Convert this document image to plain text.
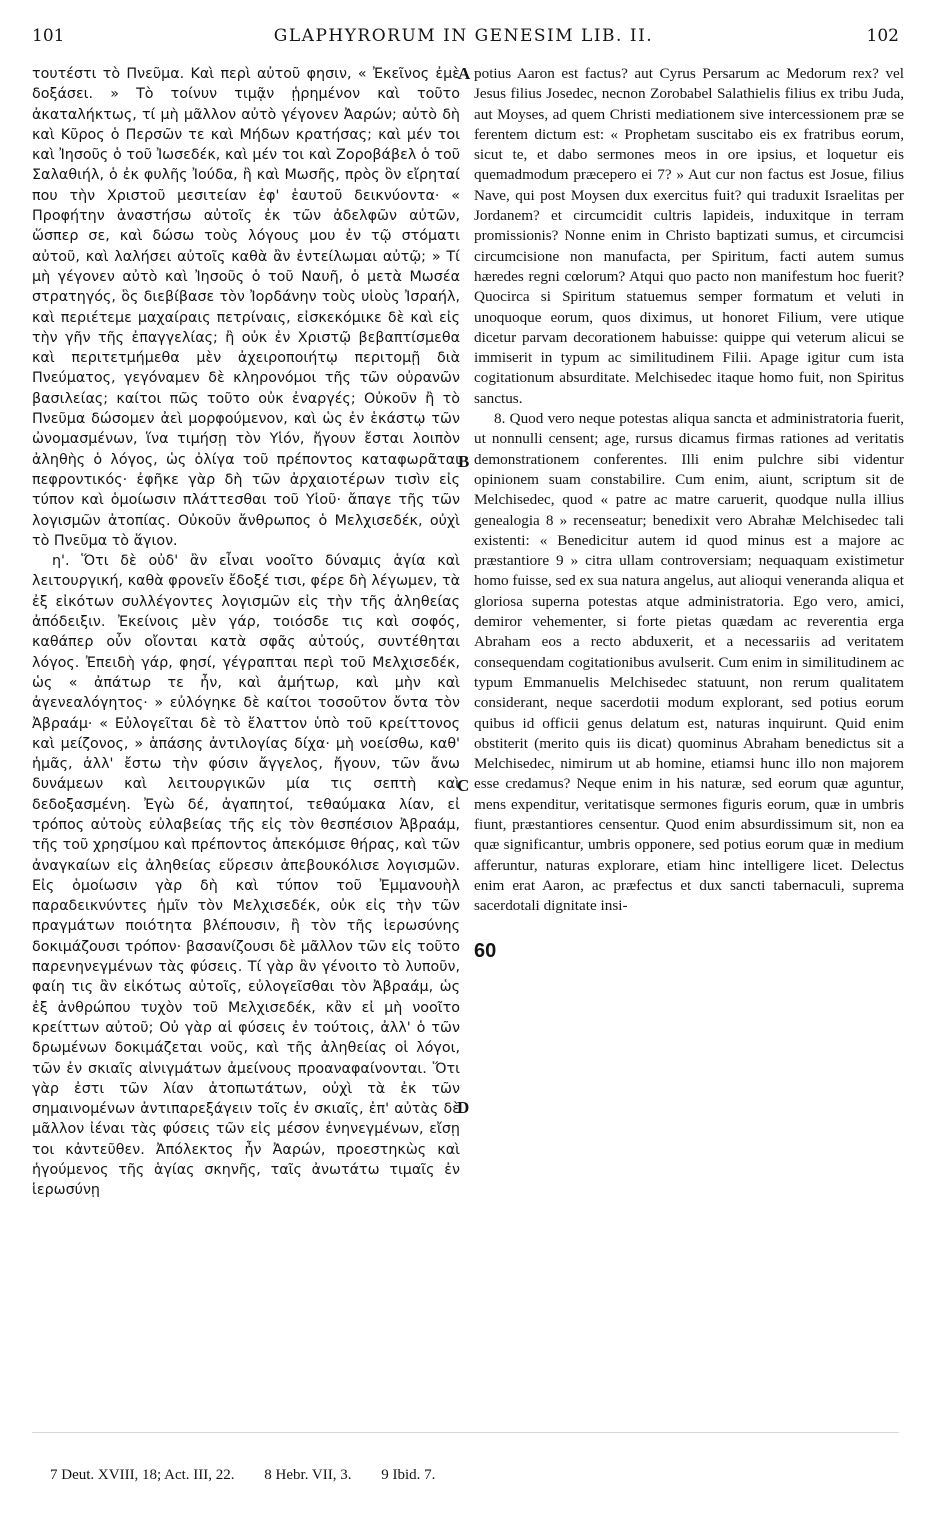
101	GLAPHYRORUM IN GENESIM LIB. II.	102

τουτέστι τὸ Πνεῦμα. Καὶ περὶ αὐτοῦ φησιν, « Ἐκεῖνος ἐμὲ δοξάσει. » Τὸ τοίνυν τιμᾷν ᾑρημένον καὶ τοῦτο ἀκαταλήκτως, τί μὴ μᾶλλον αὐτὸ γέγονεν Ἀαρών; αὐτὸ δὴ καὶ Κῦρος ὁ Περσῶν τε καὶ Μήδων κρατήσας; καὶ μέν τοι καὶ Ἰησοῦς ὁ τοῦ Ἰωσεδέκ, καὶ μέν τοι καὶ Ζοροβάβελ ὁ τοῦ Σαλαθιήλ, ὁ ἐκ φυλῆς Ἰούδα, ἢ καὶ Μωσῆς, πρὸς ὃν εἴρηταί που τὴν Χριστοῦ μεσιτείαν ἐφ' ἑαυτοῦ δεικνύοντα· « Προφήτην ἀναστήσω αὐτοῖς ἐκ τῶν ἀδελφῶν αὐτῶν, ὥσπερ σε, καὶ δώσω τοὺς λόγους μου ἐν τῷ στόματι αὐτοῦ, καὶ λαλήσει αὐτοῖς καθὰ ἂν ἐντείλωμαι αὐτῷ; » Τί μὴ γέγονεν αὐτὸ καὶ Ἰησοῦς ὁ τοῦ Ναυῆ, ὁ μετὰ Μωσέα στρατηγός, ὃς διεβίβασε τὸν Ἰορδάνην τοὺς υἱοὺς Ἰσραήλ, καὶ περιέτεμε μαχαίραις πετρίναις, εἰσκεκόμικε δὲ καὶ εἰς τὴν γῆν τῆς ἐπαγγελίας; ἢ οὐκ ἐν Χριστῷ βεβαπτίσμεθα καὶ περιτετμήμεθα μὲν ἀχειροποιήτῳ περιτομῇ διὰ Πνεύματος, γεγόναμεν δὲ κληρονόμοι τῆς τῶν οὐρανῶν βασιλείας; καίτοι πῶς τοῦτο οὐκ ἐναργές; Οὐκοῦν ἢ τὸ Πνεῦμα δώσομεν ἀεὶ μορφούμενον, καὶ ὡς ἐν ἑκάστῳ τῶν ὠνομασμένων, ἵνα τιμήσῃ τὸν Υἱόν, ἤγουν ἔσται λοιπὸν ἀληθὴς ὁ λόγος, ὡς ὀλίγα τοῦ πρέποντος καταφωρᾶται πεφροντικός· ἐφῆκε γὰρ δὴ τῶν ἀρχαιοτέρων τισὶν εἰς τύπον καὶ ὁμοίωσιν πλάττεσθαι τοῦ Υἱοῦ· ἄπαγε τῆς τῶν λογισμῶν ἀτοπίας. Οὐκοῦν ἄνθρωπος ὁ Μελχισεδέκ, οὐχὶ τὸ Πνεῦμα τὸ ἅγιον.

η'. Ὅτι δὲ οὐδ' ἂν εἶναι νοοῖτο δύναμις ἁγία καὶ λειτουργική, καθὰ φρονεῖν ἔδοξέ τισι, φέρε δὴ λέγωμεν, τὰ ἐξ εἰκότων συλλέγοντες λογισμῶν εἰς τὴν τῆς ἀληθείας ἀπόδειξιν. Ἐκείνοις μὲν γάρ, τοιόσδε τις καὶ σοφός, καθάπερ οὖν οἴονται κατὰ σφᾶς αὐτούς, συντέθηται λόγος. Ἐπειδὴ γάρ, φησί, γέγραπται περὶ τοῦ Μελχισεδέκ, ὡς « ἀπάτωρ τε ἦν, καὶ ἀμήτωρ, καὶ μὴν καὶ ἀγενεαλόγητος· » εὐλόγηκε δὲ καίτοι τοσοῦτον ὄντα τὸν Ἀβραάμ· « Εὐλογεῖται δὲ τὸ ἔλαττον ὑπὸ τοῦ κρείττονος καὶ μείζονος, » ἁπάσης ἀντιλογίας δίχα· μὴ νοείσθω, καθ' ἡμᾶς, ἀλλ' ἔστω τὴν φύσιν ἄγγελος, ἤγουν, τῶν ἄνω δυνάμεων καὶ λειτουργικῶν μία τις σεπτὴ καὶ δεδοξασμένη. Ἐγὼ δέ, ἀγαπητοί, τεθαύμακα λίαν, εἰ τρόπος αὐτοὺς εὐλαβείας τῆς εἰς τὸν θεσπέσιον Ἀβραάμ, τῆς τοῦ χρησίμου καὶ πρέποντος ἀπεκόμισε θήρας, καὶ τῶν ἀναγκαίων εἰς ἀληθείας εὕρεσιν ἀπεβουκόλισε λογισμῶν. Εἰς ὁμοίωσιν γὰρ δὴ καὶ τύπον τοῦ Ἐμμανουὴλ παραδεικνύντες ἡμῖν τὸν Μελχισεδέκ, οὐκ εἰς τὴν τῶν πραγμάτων ποιότητα βλέπουσιν, ἢ τὸν τῆς ἱερωσύνης δοκιμάζουσι τρόπον· βασανίζουσι δὲ μᾶλλον τῶν εἰς τοῦτο παρενηνεγμένων τὰς φύσεις. Τί γὰρ ἂν γένοιτο τὸ λυποῦν, φαίη τις ἂν εἰκότως αὐτοῖς, εὐλογεῖσθαι τὸν Ἀβραάμ, ὡς ἐξ ἀνθρώπου τυχὸν τοῦ Μελχισεδέκ, κἂν εἰ μὴ νοοῖτο κρείττων αὐτοῦ; Οὐ γὰρ αἱ φύσεις ἐν τούτοις, ἀλλ' ὁ τῶν δρωμένων δοκιμάζεται νοῦς, καὶ τῆς ἀληθείας οἱ λόγοι, τῶν ἐν σκιαῖς αἰνιγμάτων ἀμείνους προαναφαίνονται. Ὅτι γὰρ ἐστι τῶν λίαν ἀτοπωτάτων, οὐχὶ τὰ ἐκ τῶν σημαινομένων ἀντιπαρεξάγειν τοῖς ἐν σκιαῖς, ἐπ' αὐτὰς δὲ μᾶλλον ἰέναι τὰς φύσεις τῶν εἰς μέσον ἐνηνεγμένων, εἴσῃ τοι κἀντεῦθεν. Ἀπόλεκτος ἦν Ἀαρών, προεστηκὼς καὶ ἡγούμενος τῆς ἁγίας σκηνῆς, ταῖς ἀνωτάτω τιμαῖς ἐν ἱερωσύνῃ

potius Aaron est factus? aut Cyrus Persarum ac Medorum rex? vel Jesus filius Josedec, necnon Zorobabel Salathielis filius ex tribu Juda, aut Moyses, ad quem Christi mediationem sive intercessionem præ se ferentem dictum est: « Prophetam suscitabo eis ex fratribus eorum, sicut te, et dabo sermones meos in ore ipsius, et loquetur eis quemadmodum præcepero ei 7? » Aut cur non factus est Josue, filius Nave, qui post Moysen dux exercitus fuit? qui traduxit Israelitas per Jordanem? et circumcidit cultris lapideis, induxitque in terram promissionis? Nonne enim in Christo baptizati sumus, et circumcisi circumcisione non manufacta, per Spiritum, facti autem sumus hæredes regni cœlorum? Atqui quo pacto non manifestum hoc fuerit? Quocirca si Spiritum statuemus semper formatum et veluti in unoquoque eorum, quos diximus, ut honoret Filium, vere utique dicetur parvam decorationem habuisse: quippe qui veterum alicui se immiserit in typum ac similitudinem Filii. Apage igitur cum ista cogitationum absurditate. Melchisedec itaque homo fuit, non Spiritus sanctus.

8. Quod vero neque potestas aliqua sancta et administratoria fuerit, ut nonnulli censent; age, rursus dicamus firmas rationes ad veritatis demonstrationem conferentes. Illi enim pulchre sibi videntur opinionem suam constabilire. Cum enim, aiunt, scriptum sit de Melchisedec, quod « patre ac matre caruerit, quodque nulla illius genealogia 8 » recenseatur; benedixit vero Abrahæ Melchisedec tali existenti: « Benedicitur autem id quod minus est a majore ac præstantiore 9 » citra ullam controversiam; nequaquam existimetur homo fuisse, sed ex sua natura angelus, aut alioqui veneranda aliqua et gloriosa superna potestas atque administratoria. Ego vero, amici, demiror vehementer, si forte pietas quædam ac reverentia erga Abraham eos a recto abduxerit, et a necessariis ad veritatem consequendam cogitationibus avulserit. Cum enim in similitudinem ac typum Emmanuelis Melchisedec statuunt, non rerum qualitatem considerant, neque sacerdotii modum explorant, sed potius eorum quibus id officii genus delatum est, naturas inquirunt. Quid enim obstiterit (merito quis iis dicat) quominus Abraham benedictus sit a Melchisedec, nimirum ut ab homine, etiamsi hunc illo non majorem esse credamus? Neque enim in his naturæ, sed eorum quæ aguntur, mens expenditur, veritatisque sermones figuris eorum, quæ in umbris fiunt, præstantiores censentur. Quod enim absurdissimum sit, non ea quæ significantur, umbris opponere, sed potius eorum quæ in medium afferuntur, naturas explorare, etiam hinc intelligere licet. Delectus enim erat Aaron, ac præfectus et dux sancti tabernaculi, suprema sacerdotali dignitate insi-

A
B
C
D
60
7 Deut. XVIII, 18; Act. III, 22. 8 Hebr. VII, 3. 9 Ibid. 7.
